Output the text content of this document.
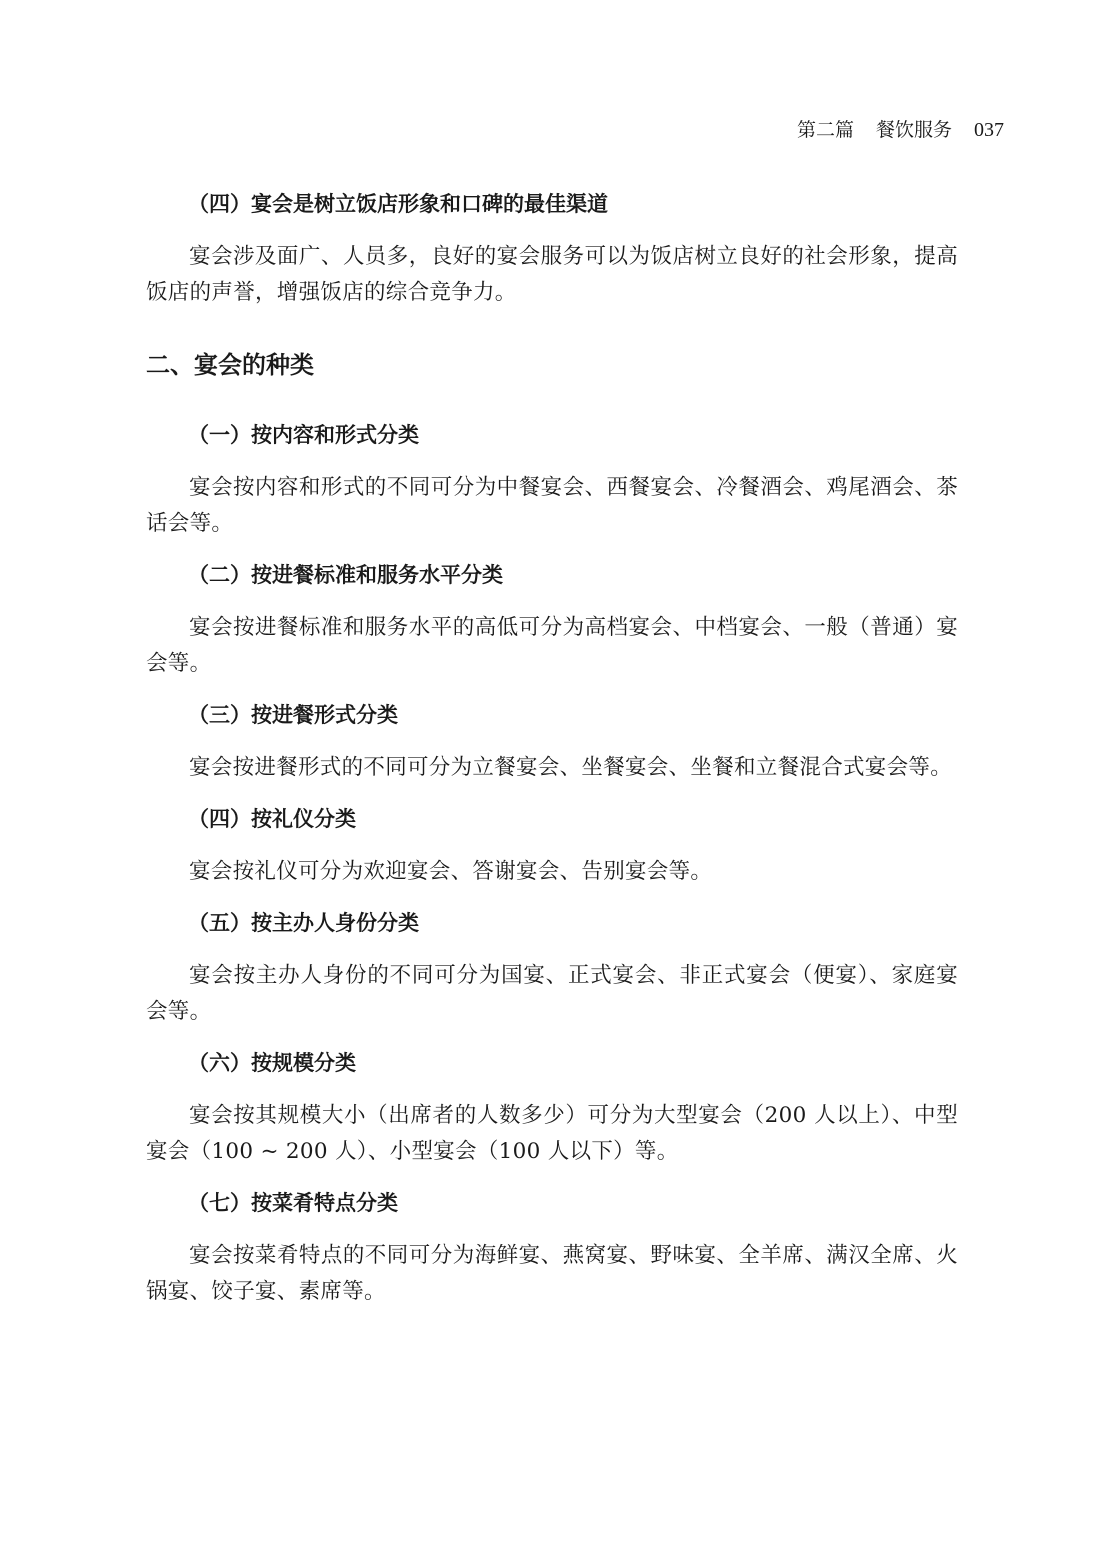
第二篇 餐饮服务 037
（四）宴会是树立饭店形象和口碑的最佳渠道

宴会涉及面广、人员多，良好的宴会服务可以为饭店树立良好的社会形象，提高饭店的声誉，增强饭店的综合竞争力。

二、宴会的种类
（一）按内容和形式分类

宴会按内容和形式的不同可分为中餐宴会、西餐宴会、冷餐酒会、鸡尾酒会、茶话会等。

（二）按进餐标准和服务水平分类

宴会按进餐标准和服务水平的高低可分为高档宴会、中档宴会、一般（普通）宴会等。

（三）按进餐形式分类

宴会按进餐形式的不同可分为立餐宴会、坐餐宴会、坐餐和立餐混合式宴会等。

（四）按礼仪分类

宴会按礼仪可分为欢迎宴会、答谢宴会、告别宴会等。

（五）按主办人身份分类

宴会按主办人身份的不同可分为国宴、正式宴会、非正式宴会（便宴）、家庭宴会等。

（六）按规模分类

宴会按其规模大小（出席者的人数多少）可分为大型宴会（200 人以上）、中型宴会（100 ~ 200 人）、小型宴会（100 人以下）等。

（七）按菜肴特点分类

宴会按菜肴特点的不同可分为海鲜宴、燕窝宴、野味宴、全羊席、满汉全席、火锅宴、饺子宴、素席等。
